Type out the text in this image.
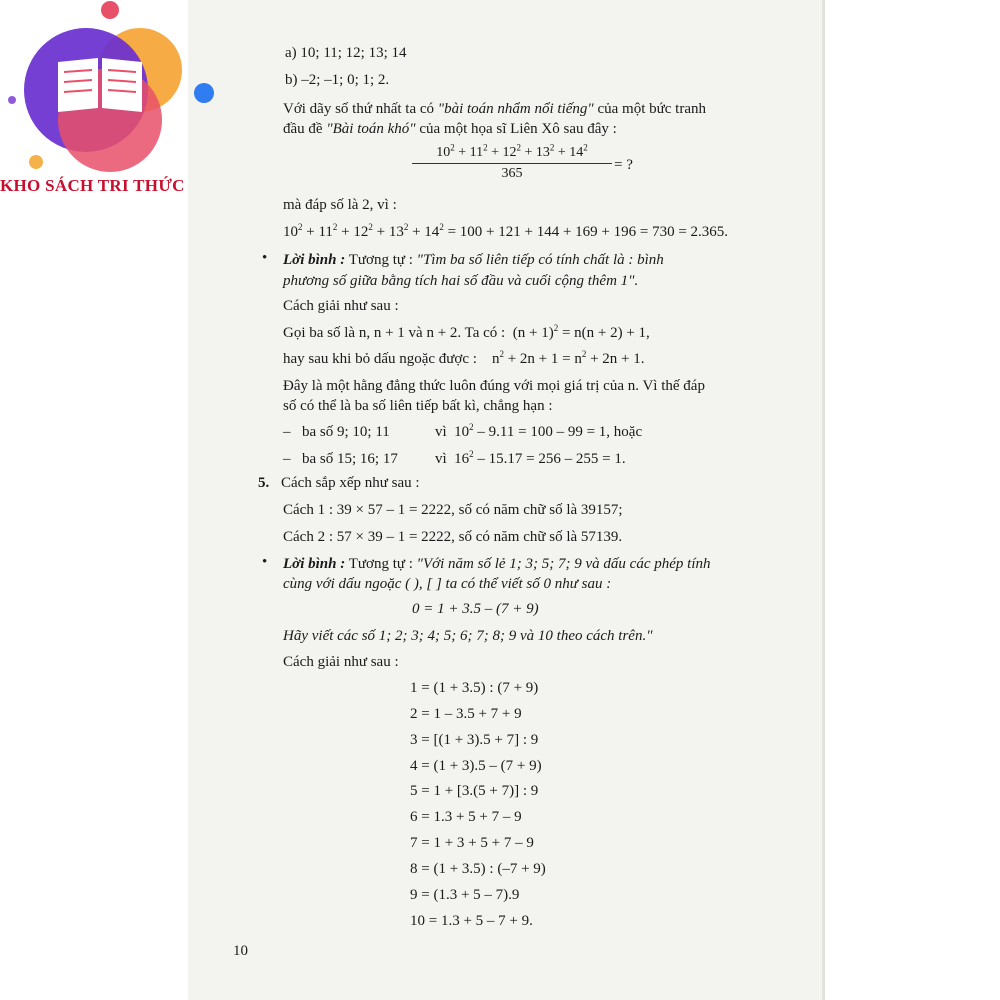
KHO SÁCH TRI THỨC
a) 10; 11; 12; 13; 14
b) –2; –1; 0; 1; 2.
Với dãy số thứ nhất ta có "bài toán nhẩm nổi tiếng" của một bức tranh
đầu đề "Bài toán khó" của một họa sĩ Liên Xô sau đây :
$\frac{10^2 + 11^2 + 12^2 + 13^2 + 14^2}{365}$ = ?
mà đáp số là 2, vì :
$10^2 + 11^2 + 12^2 + 13^2 + 14^2 = 100 + 121 + 144 + 169 + 196 = 730 = 2.365$.
• Lời bình : Tương tự : "Tìm ba số liên tiếp có tính chất là : bình
phương số giữa bằng tích hai số đầu và cuối cộng thêm 1".
Cách giải như sau :
Gọi ba số là n, n + 1 và n + 2. Ta có :  $(n + 1)^2 = n(n + 2) + 1$,
hay sau khi bỏ dấu ngoặc được :    $n^2 + 2n + 1 = n^2 + 2n + 1$.
Đây là một hằng đẳng thức luôn đúng với mọi giá trị của n. Vì thế đáp
số có thể là ba số liên tiếp bất kì, chẳng hạn :
– ba số 9; 10; 11	vì  $10^2 - 9.11 = 100 - 99 = 1$, hoặc
– ba số 15; 16; 17 vì  $16^2 - 15.17 = 256 - 255 = 1$.
5. Cách sắp xếp như sau :
Cách 1 : 39 × 57 – 1 = 2222, số có năm chữ số là 39157;
Cách 2 : 57 × 39 – 1 = 2222, số có năm chữ số là 57139.
• Lời bình : Tương tự : "Với năm số lẻ 1; 3; 5; 7; 9 và dấu các phép tính
cùng với dấu ngoặc ( ), [ ] ta có thể viết số 0 như sau :
0 = 1 + 3.5 – (7 + 9)
Hãy viết các số 1; 2; 3; 4; 5; 6; 7; 8; 9 và 10 theo cách trên."
Cách giải như sau :
1 = (1 + 3.5) : (7 + 9)
2 = 1 – 3.5 + 7 + 9
3 = [(1 + 3).5 + 7] : 9
4 = (1 + 3).5 – (7 + 9)
5 = 1 + [3.(5 + 7)] : 9
6 = 1.3 + 5 + 7 – 9
7 = 1 + 3 + 5 + 7 – 9
8 = (1 + 3.5) : (–7 + 9)
9 = (1.3 + 5 – 7).9
10 = 1.3 + 5 – 7 + 9.
10
